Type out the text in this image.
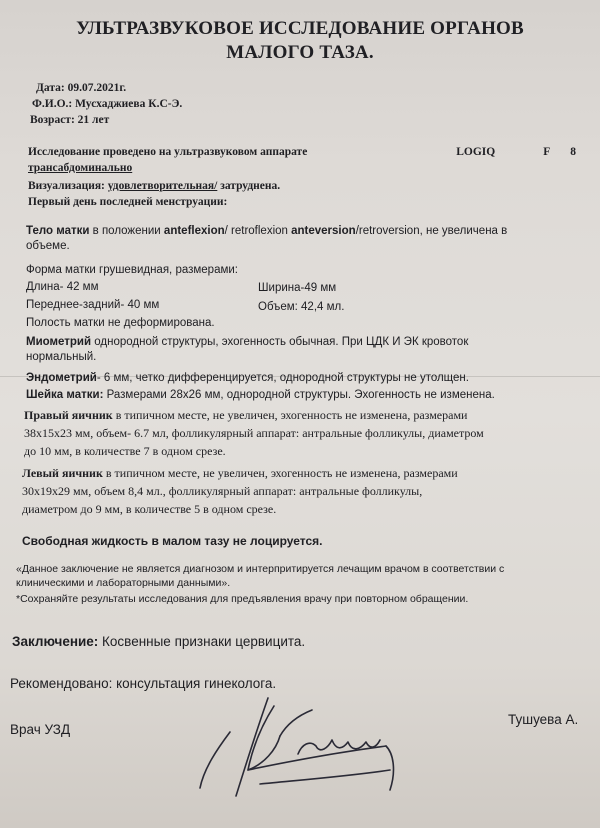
УЛЬТРАЗВУКОВОЕ ИССЛЕДОВАНИЕ ОРГАНОВ
МАЛОГО ТАЗА.
Дата: 09.07.2021г.
Ф.И.О.: Мусхаджиева К.С-Э.
Возраст: 21 лет
Исследование проведено на ультразвуковом аппарате	LOGIQ	F 8
трансабдоминально
Визуализация: удовлетворительная/ затруднена.
Первый день последней менструации:
Тело матки в положении anteflexion/ retroflexion anteversion/retroversion, не увеличена в
объеме.
Форма матки грушевидная, размерами:
Длина- 42 мм	Ширина-49 мм
Переднее-задний- 40 мм	Объем: 42,4 мл.
Полость матки не деформирована.
Миометрий однородной структуры, эхогенность обычная. При ЦДК И ЭК кровоток
нормальный.
Эндометрий- 6 мм, четко дифференцируется, однородной структуры не утолщен.
Шейка матки: Размерами 28х26 мм, однородной структуры. Эхогенность не изменена.
Правый яичник в типичном месте, не увеличен, эхогенность не изменена, размерами
38х15х23 мм, объем- 6.7 мл, фолликулярный аппарат: антральные фолликулы, диаметром
до 10 мм, в количестве 7 в одном срезе.
Левый яичник в типичном месте, не увеличен, эхогенность не изменена, размерами
30х19х29 мм, объем 8,4 мл., фолликулярный аппарат: антральные фолликулы,
диаметром до 9 мм, в количестве 5 в одном срезе.
Свободная жидкость в малом тазу не лоцируется.
«Данное заключение не является диагнозом и интерпритируется лечащим врачом в соответствии с
клиническими и лабораторными данными».
*Сохраняйте результаты исследования для предъявления врачу при повторном обращении.
Заключение: Косвенные признаки цервицита.
Рекомендовано: консультация гинеколога.
Врач УЗД
Тушуева А.
